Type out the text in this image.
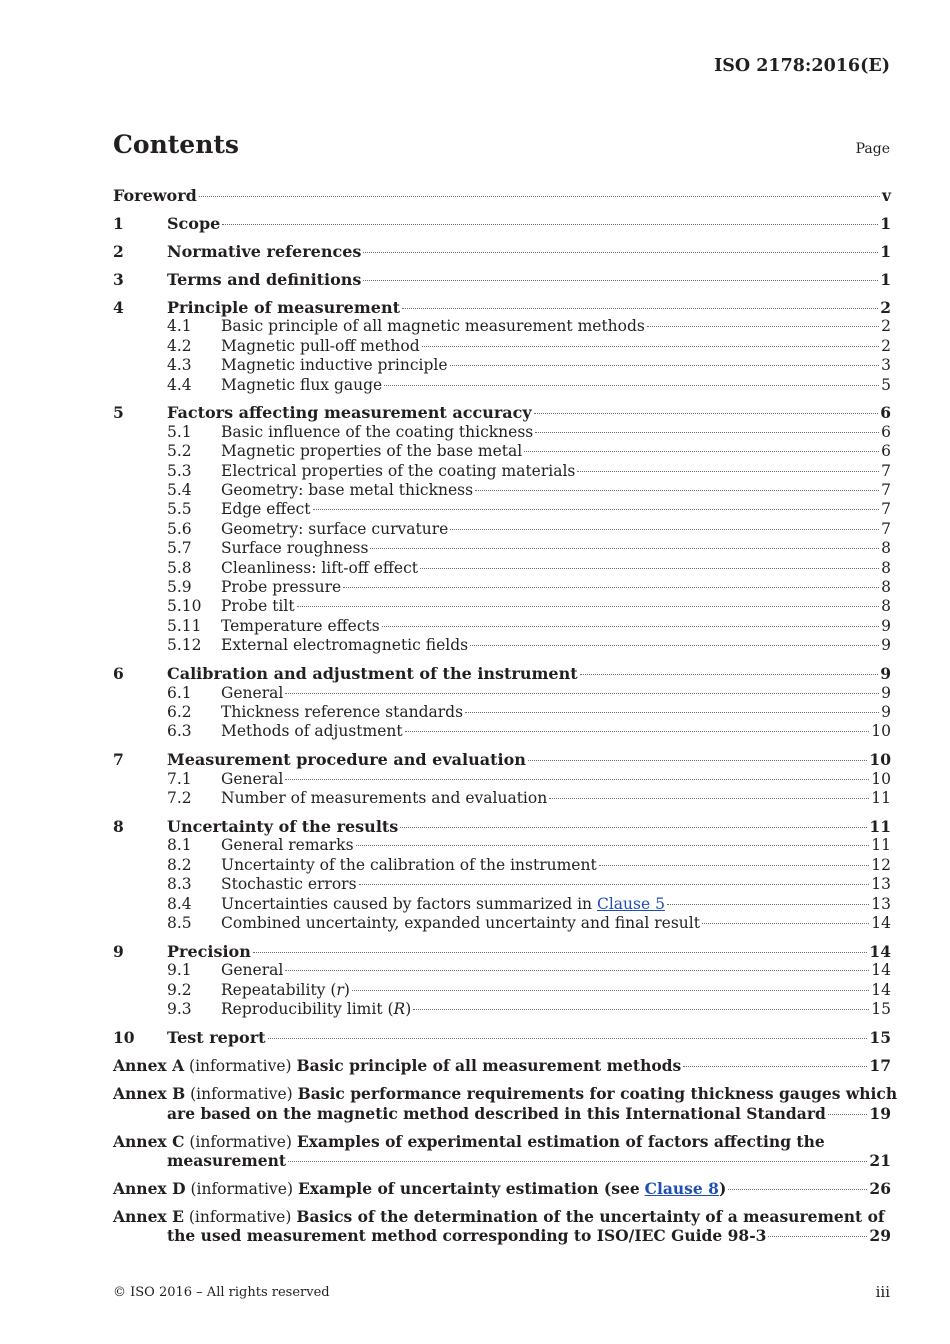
ISO 2178:2016(E)
Contents	Page
Foreword	v
1	Scope	1
2	Normative references	1
3	Terms and definitions	1
4	Principle of measurement	2
4.1	Basic principle of all magnetic measurement methods	2
4.2	Magnetic pull-off method	2
4.3	Magnetic inductive principle	3
4.4	Magnetic flux gauge	5
5	Factors affecting measurement accuracy	6
5.1	Basic influence of the coating thickness	6
5.2	Magnetic properties of the base metal	6
5.3	Electrical properties of the coating materials	7
5.4	Geometry: base metal thickness	7
5.5	Edge effect	7
5.6	Geometry: surface curvature	7
5.7	Surface roughness	8
5.8	Cleanliness: lift-off effect	8
5.9	Probe pressure	8
5.10	Probe tilt	8
5.11	Temperature effects	9
5.12	External electromagnetic fields	9
6	Calibration and adjustment of the instrument	9
6.1	General	9
6.2	Thickness reference standards	9
6.3	Methods of adjustment	10
7	Measurement procedure and evaluation	10
7.1	General	10
7.2	Number of measurements and evaluation	11
8	Uncertainty of the results	11
8.1	General remarks	11
8.2	Uncertainty of the calibration of the instrument	12
8.3	Stochastic errors	13
8.4	Uncertainties caused by factors summarized in Clause 5	13
8.5	Combined uncertainty, expanded uncertainty and final result	14
9	Precision	14
9.1	General	14
9.2	Repeatability (r)	14
9.3	Reproducibility limit (R)	15
10	Test report	15
Annex A (informative) Basic principle of all measurement methods	17
Annex B (informative) Basic performance requirements for coating thickness gauges which
are based on the magnetic method described in this International Standard	19
Annex C (informative) Examples of experimental estimation of factors affecting the
measurement	21
Annex D (informative) Example of uncertainty estimation (see Clause 8)	26
Annex E (informative) Basics of the determination of the uncertainty of a measurement of
the used measurement method corresponding to ISO/IEC Guide 98-3	29
© ISO 2016 – All rights reserved	iii
